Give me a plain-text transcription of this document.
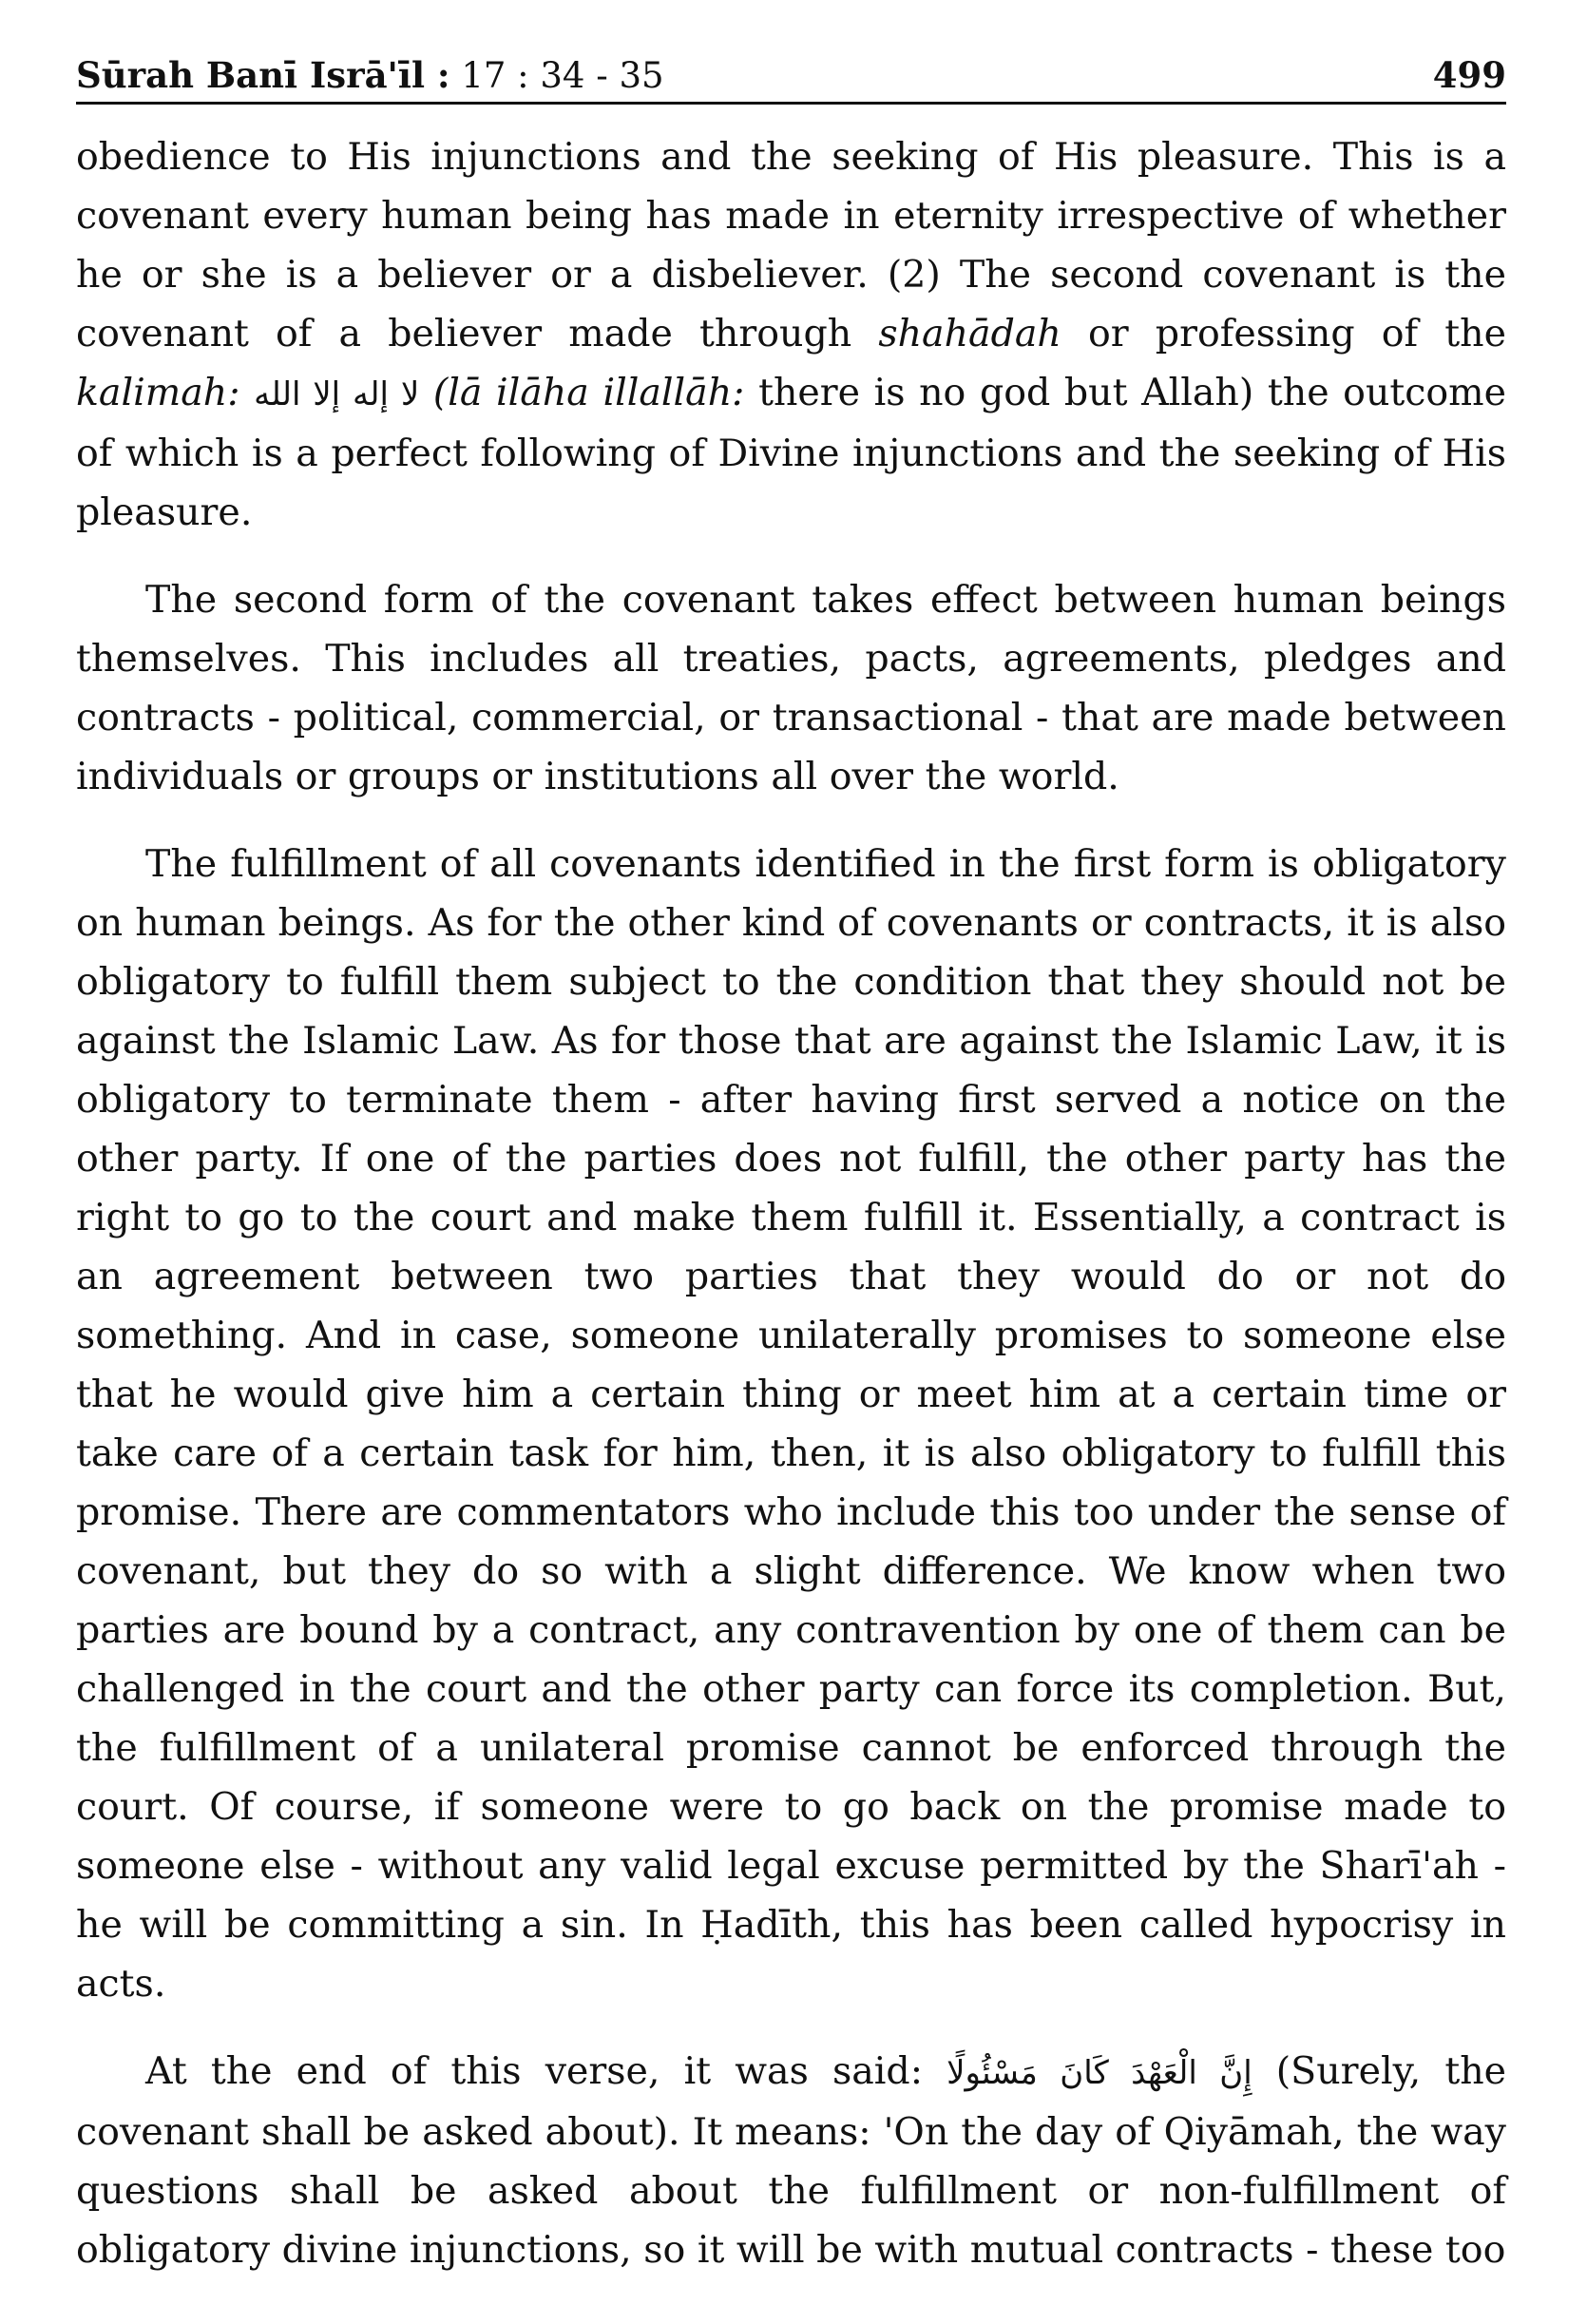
Sūrah Banī Isrā'īl : 17 : 34 - 35	499

obedience to His injunctions and the seeking of His pleasure. This is a covenant every human being has made in eternity irrespective of whether he or she is a believer or a disbeliever. (2) The second covenant is the covenant of a believer made through shahādah or professing of the kalimah: لا إله إلا الله (lā ilāha illallāh: there is no god but Allah) the outcome of which is a perfect following of Divine injunctions and the seeking of His pleasure.

The second form of the covenant takes effect between human beings themselves. This includes all treaties, pacts, agreements, pledges and contracts - political, commercial, or transactional - that are made between individuals or groups or institutions all over the world.

The fulfillment of all covenants identified in the first form is obligatory on human beings. As for the other kind of covenants or contracts, it is also obligatory to fulfill them subject to the condition that they should not be against the Islamic Law. As for those that are against the Islamic Law, it is obligatory to terminate them - after having first served a notice on the other party. If one of the parties does not fulfill, the other party has the right to go to the court and make them fulfill it. Essentially, a contract is an agreement between two parties that they would do or not do something. And in case, someone unilaterally promises to someone else that he would give him a certain thing or meet him at a certain time or take care of a certain task for him, then, it is also obligatory to fulfill this promise. There are commentators who include this too under the sense of covenant, but they do so with a slight difference. We know when two parties are bound by a contract, any contravention by one of them can be challenged in the court and the other party can force its completion. But, the fulfillment of a unilateral promise cannot be enforced through the court. Of course, if someone were to go back on the promise made to someone else - without any valid legal excuse permitted by the Sharī'ah - he will be committing a sin. In Ḥadīth, this has been called hypocrisy in acts.

At the end of this verse, it was said: إِنَّ الْعَهْدَ كَانَ مَسْئُولًا (Surely, the covenant shall be asked about). It means: 'On the day of Qiyāmah, the way questions shall be asked about the fulfillment or non-fulfillment of obligatory divine injunctions, so it will be with mutual contracts - these too
